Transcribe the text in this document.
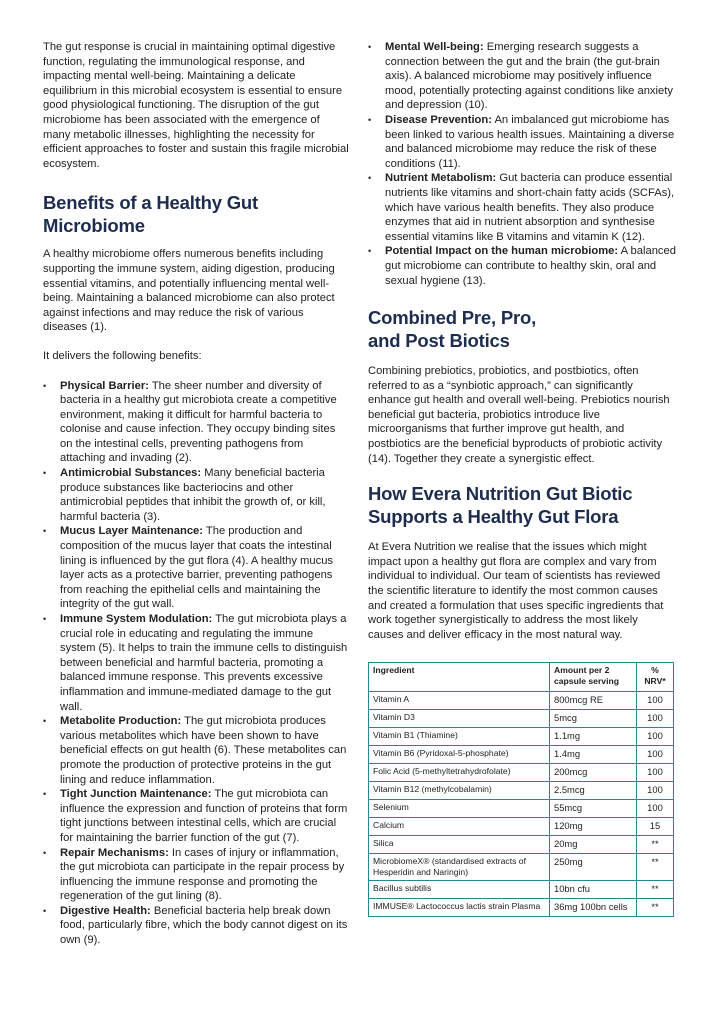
The gut response is crucial in maintaining optimal digestive function, regulating the immunological response, and impacting mental well-being. Maintaining a delicate equilibrium in this microbial ecosystem is essential to ensure good physiological functioning. The disruption of the gut microbiome has been associated with the emergence of many metabolic illnesses, highlighting the necessity for efficient approaches to foster and sustain this fragile microbial ecosystem.

Benefits of a Healthy Gut Microbiome

A healthy microbiome offers numerous benefits including supporting the immune system, aiding digestion, producing essential vitamins, and potentially influencing mental well-being. Maintaining a balanced microbiome can also protect against infections and may reduce the risk of various diseases (1).

It delivers the following benefits:

• Physical Barrier: The sheer number and diversity of bacteria in a healthy gut microbiota create a competitive environment, making it difficult for harmful bacteria to colonise and cause infection. They occupy binding sites on the intestinal cells, preventing pathogens from attaching and invading (2).
• Antimicrobial Substances: Many beneficial bacteria produce substances like bacteriocins and other antimicrobial peptides that inhibit the growth of, or kill, harmful bacteria (3).
• Mucus Layer Maintenance: The production and composition of the mucus layer that coats the intestinal lining is influenced by the gut flora (4). A healthy mucus layer acts as a protective barrier, preventing pathogens from reaching the epithelial cells and maintaining the integrity of the gut wall.
• Immune System Modulation: The gut microbiota plays a crucial role in educating and regulating the immune system (5). It helps to train the immune cells to distinguish between beneficial and harmful bacteria, promoting a balanced immune response. This prevents excessive inflammation and immune-mediated damage to the gut wall.
• Metabolite Production: The gut microbiota produces various metabolites which have been shown to have beneficial effects on gut health (6). These metabolites can promote the production of protective proteins in the gut lining and reduce inflammation.
• Tight Junction Maintenance: The gut microbiota can influence the expression and function of proteins that form tight junctions between intestinal cells, which are crucial for maintaining the barrier function of the gut (7).
• Repair Mechanisms: In cases of injury or inflammation, the gut microbiota can participate in the repair process by influencing the immune response and promoting the regeneration of the gut lining (8).
• Digestive Health: Beneficial bacteria help break down food, particularly fibre, which the body cannot digest on its own (9).
• Mental Well-being: Emerging research suggests a connection between the gut and the brain (the gut-brain axis). A balanced microbiome may positively influence mood, potentially protecting against conditions like anxiety and depression (10).
• Disease Prevention: An imbalanced gut microbiome has been linked to various health issues. Maintaining a diverse and balanced microbiome may reduce the risk of these conditions (11).
• Nutrient Metabolism: Gut bacteria can produce essential nutrients like vitamins and short-chain fatty acids (SCFAs), which have various health benefits. They also produce enzymes that aid in nutrient absorption and synthesise essential vitamins like B vitamins and vitamin K (12).
• Potential Impact on the human microbiome: A balanced gut microbiome can contribute to healthy skin, oral and sexual hygiene (13).
Combined Pre, Pro,
and Post Biotics

Combining prebiotics, probiotics, and postbiotics, often referred to as a “synbiotic approach,” can significantly enhance gut health and overall well-being. Prebiotics nourish beneficial gut bacteria, probiotics introduce live microorganisms that further improve gut health, and postbiotics are the beneficial byproducts of probiotic activity (14). Together they create a synergistic effect.

How Evera Nutrition Gut Biotic Supports a Healthy Gut Flora

At Evera Nutrition we realise that the issues which might impact upon a healthy gut flora are complex and vary from individual to individual. Our team of scientists has reviewed the scientific literature to identify the most common causes and created a formulation that uses specific ingredients that work together synergistically to address the most likely causes and deliver efficacy in the most natural way.

Ingredient	Amount per 2 capsule serving	% NRV*
Vitamin A	800mcg RE	100
Vitamin D3	5mcg	100
Vitamin B1 (Thiamine)	1.1mg	100
Vitamin B6 (Pyridoxal-5-phosphate)	1.4mg	100
Folic Acid (5-methyltetrahydrofolate)	200mcg	100
Vitamin B12 (methylcobalamin)	2.5mcg	100
Selenium	55mcg	100
Calcium	120mg	15
Silica	20mg	**
MicrobiomeX® (standardised extracts of Hesperidin and Naringin)	250mg	**
Bacillus subtilis	10bn cfu	**
IMMUSE® Lactococcus lactis strain Plasma	36mg 100bn cells	**
